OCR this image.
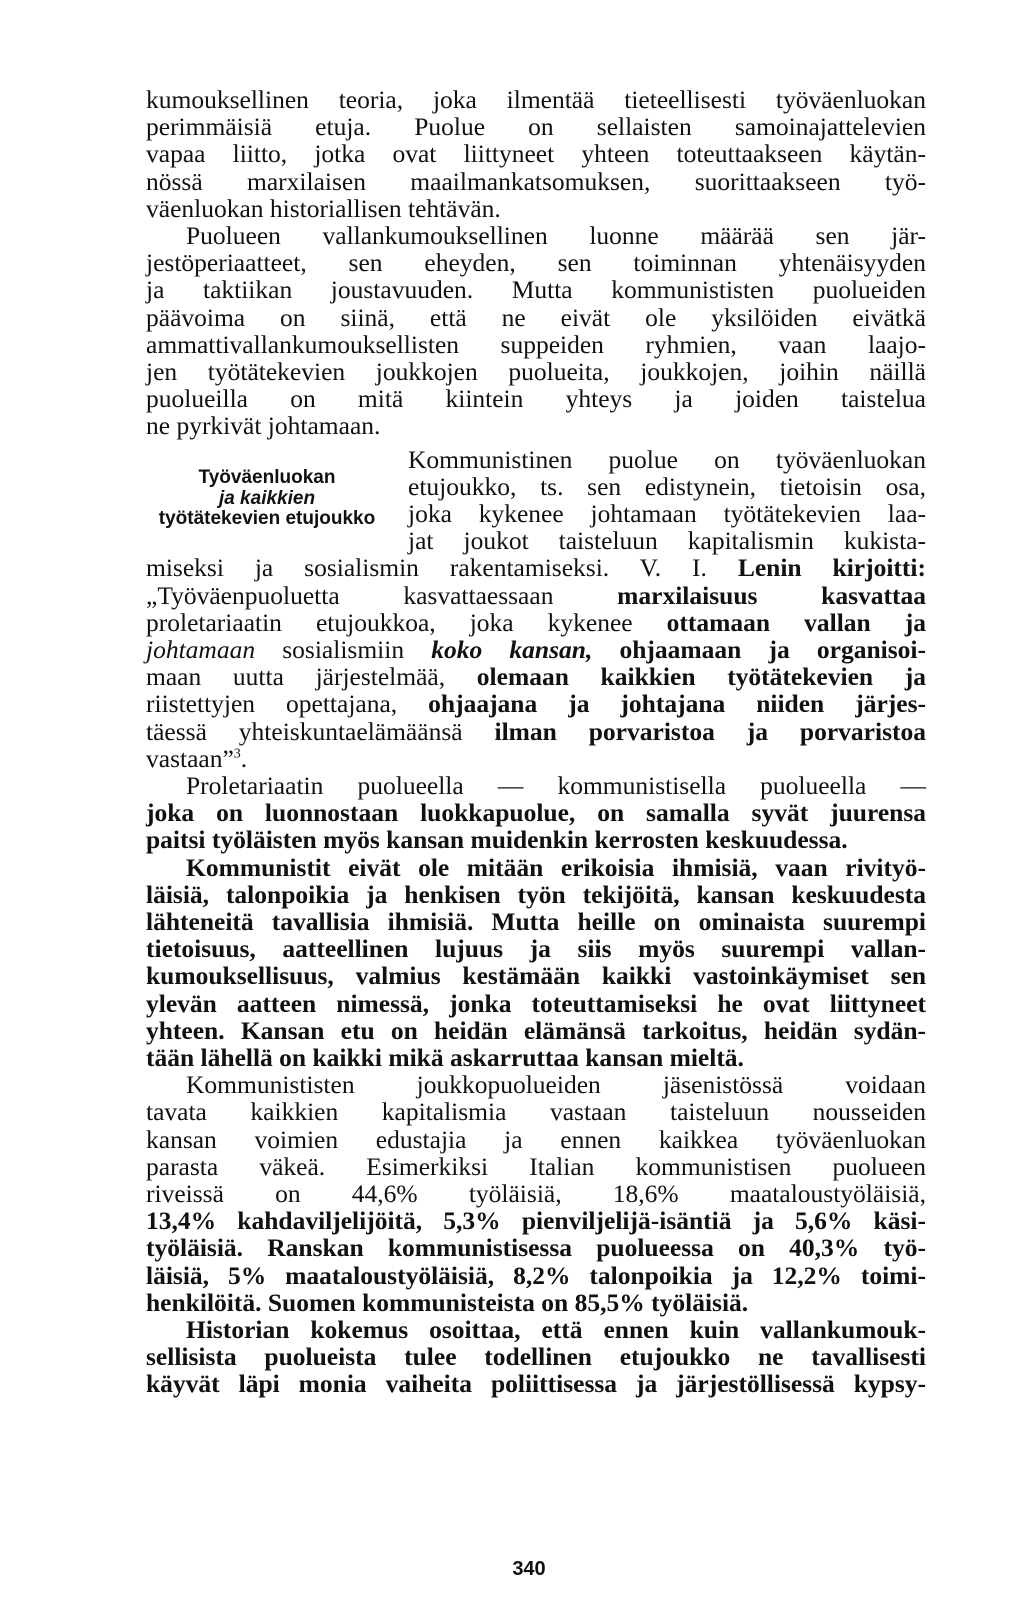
kumouksellinen teoria, joka ilmentää tieteellisesti työväenluokan
perimmäisiä etuja. Puolue on sellaisten samoinajattelevien
vapaa liitto, jotka ovat liittyneet yhteen toteuttaakseen käytän-
nössä marxilaisen maailmankatsomuksen, suorittaakseen työ-
väenluokan historiallisen tehtävän.
Puolueen vallankumouksellinen luonne määrää sen jär-
jestöperiaatteet, sen eheyden, sen toiminnan yhtenäisyyden
ja taktiikan joustavuuden. Mutta kommunististen puolueiden
päävoima on siinä, että ne eivät ole yksilöiden eivätkä
ammattivallankumouksellisten suppeiden ryhmien, vaan laajo-
jen työtätekevien joukkojen puolueita, joukkojen, joihin näillä
puolueilla on mitä kiintein yhteys ja joiden taistelua
ne pyrkivät johtamaan.
Työväenluokan
ja kaikkien
työtätekevien etujoukko
Kommunistinen puolue on työväenluokan
etujoukko, ts. sen edistynein, tietoisin osa,
joka kykenee johtamaan työtätekevien laa-
jat joukot taisteluun kapitalismin kukista-
miseksi ja sosialismin rakentamiseksi. V. I. Lenin kirjoitti:
„Työväenpuoluetta kasvattaessaan marxilaisuus kasvattaa
proletariaatin etujoukkoa, joka kykenee ottamaan vallan ja
johtamaan sosialismiin koko kansan, ohjaamaan ja organisoi-
maan uutta järjestelmää, olemaan kaikkien työtätekevien ja
riistettyjen opettajana, ohjaajana ja johtajana niiden järjes-
täessä yhteiskuntaelämäänsä ilman porvaristoa ja porvaristoa
vastaan”$^3$.
Proletariaatin puolueella — kommunistisella puolueella —
joka on luonnostaan luokkapuolue, on samalla syvät juurensa
paitsi työläisten myös kansan muidenkin kerrosten keskuudessa.
Kommunistit eivät ole mitään erikoisia ihmisiä, vaan rivityö-
läisiä, talonpoikia ja henkisen työn tekijöitä, kansan keskuudesta
lähteneitä tavallisia ihmisiä. Mutta heille on ominaista suurempi
tietoisuus, aatteellinen lujuus ja siis myös suurempi vallan-
kumouksellisuus, valmius kestämään kaikki vastoinkäymiset sen
ylevän aatteen nimessä, jonka toteuttamiseksi he ovat liittyneet
yhteen. Kansan etu on heidän elämänsä tarkoitus, heidän sydän-
tään lähellä on kaikki mikä askarruttaa kansan mieltä.
Kommunististen joukkopuolueiden jäsenistössä voidaan
tavata kaikkien kapitalismia vastaan taisteluun nousseiden
kansan voimien edustajia ja ennen kaikkea työväenluokan
parasta väkeä. Esimerkiksi Italian kommunistisen puolueen
riveissä on 44,6% työläisiä, 18,6% maataloustyöläisiä,
13,4% kahdaviljelijöitä, 5,3% pienviljelijä-isäntiä ja 5,6% käsi-
työläisiä. Ranskan kommunistisessa puolueessa on 40,3% työ-
läisiä, 5% maataloustyöläisiä, 8,2% talonpoikia ja 12,2% toimi-
henkilöitä. Suomen kommunisteista on 85,5% työläisiä.
Historian kokemus osoittaa, että ennen kuin vallankumouk-
sellisista puolueista tulee todellinen etujoukko ne tavallisesti
käyvät läpi monia vaiheita poliittisessa ja järjestöllisessä kypsy-
340
